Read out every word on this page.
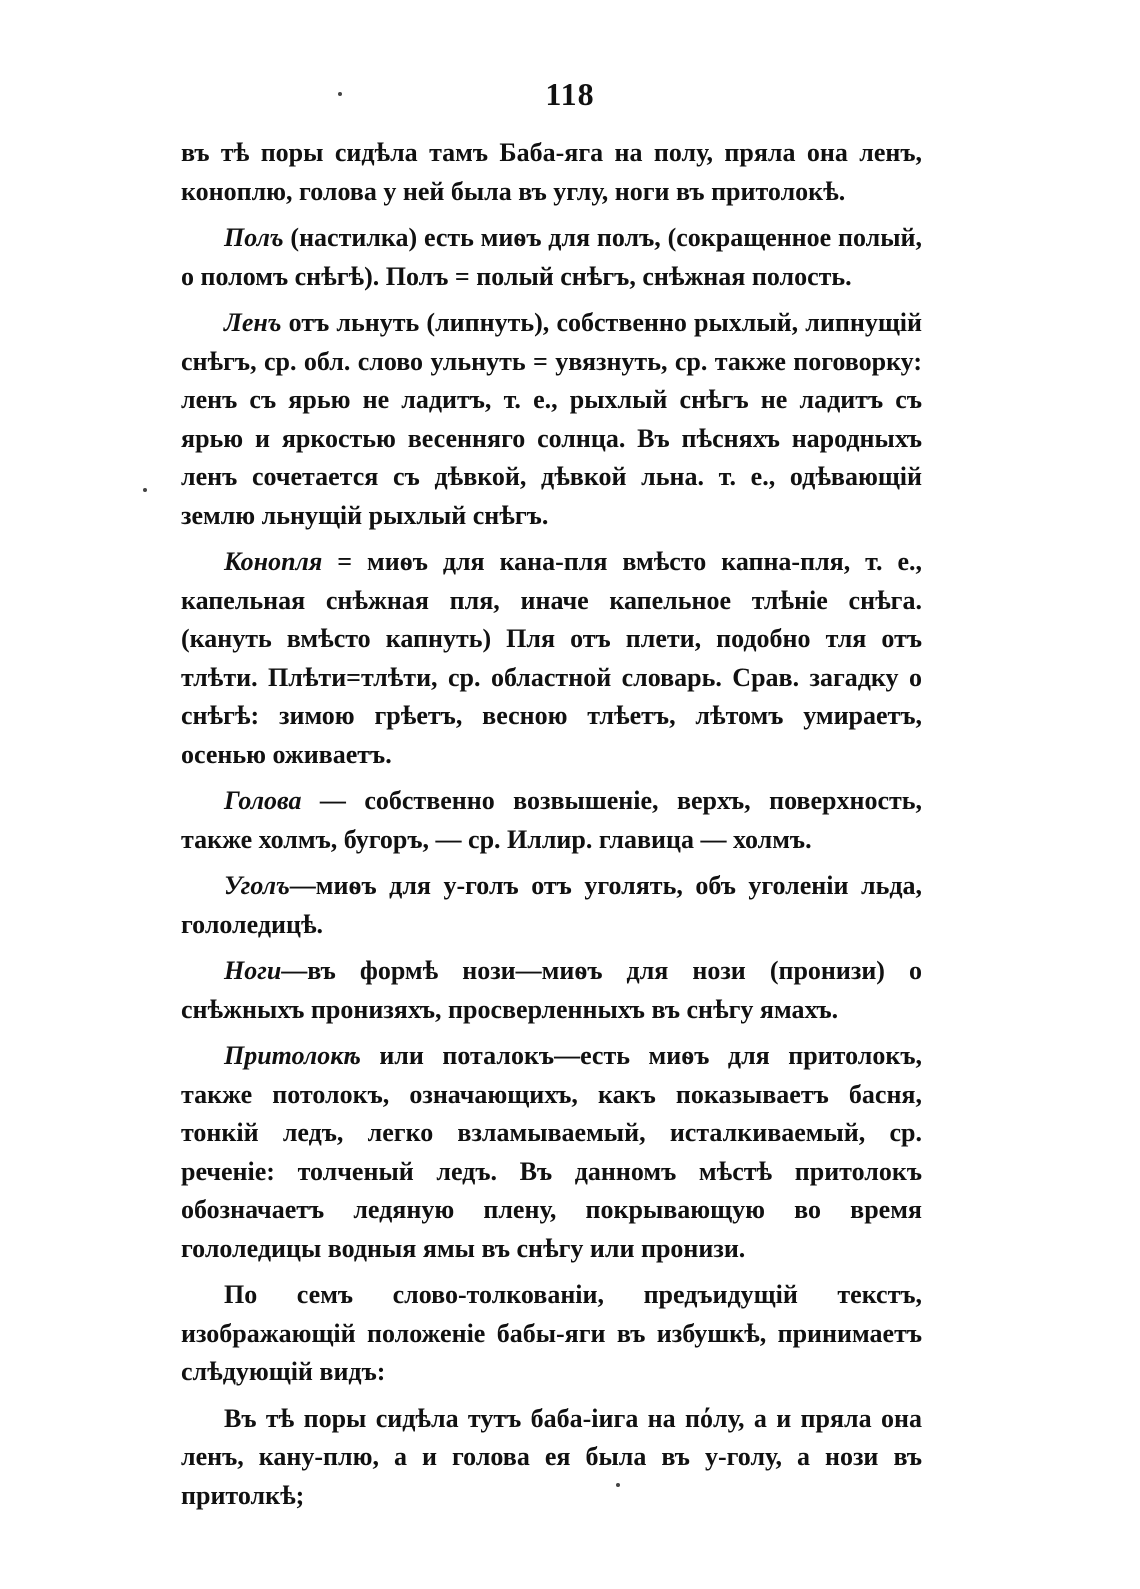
118

въ тѣ поры сидѣла тамъ Баба-яга на полу, пряла она ленъ, коноплю, голова у ней была въ углу, ноги въ притолокѣ.

Полъ (настилка) есть миѳъ для полъ, (сокращенное полый, о поломъ снѣгѣ). Полъ = полый снѣгъ, снѣжная полость.

Ленъ отъ льнуть (липнуть), собственно рыхлый, липнущій снѣгъ, ср. обл. слово ульнуть = увязнуть, ср. также поговорку: ленъ съ ярью не ладитъ, т. е., рыхлый снѣгъ не ладитъ съ ярью и яркостью весенняго солнца. Въ пѣсняхъ народныхъ ленъ сочетается съ дѣвкой, дѣвкой льна. т. е., одѣвающій землю льнущій рыхлый снѣгъ.

Конопля = миѳъ для кана-пля вмѣсто капна-пля, т. е., капельная снѣжная пля, иначе капельное тлѣніе снѣга. (кануть вмѣсто капнуть) Пля отъ плети, подобно тля отъ тлѣти. Плѣти=тлѣти, ср. областной словарь. Срав. загадку о снѣгѣ: зимою грѣетъ, весною тлѣетъ, лѣтомъ умираетъ, осенью оживаетъ.

Голова — собственно возвышеніе, верхъ, поверхность, также холмъ, бугоръ, — ср. Иллир. главица — холмъ.

Уголъ—миѳъ для у-голъ отъ уголять, объ уголеніи льда, гололедицѣ.

Ноги—въ формѣ нози—миѳъ для нози (пронизи) о снѣжныхъ пронизяхъ, просверленныхъ въ снѣгу ямахъ.

Притолокѣ или поталокъ—есть миѳъ для притолокъ, также потолокъ, означающихъ, какъ показываетъ басня, тонкій ледъ, легко взламываемый, исталкиваемый, ср. реченіе: толченый ледъ. Въ данномъ мѣстѣ притолокъ обозначаетъ ледяную плену, покрывающую во время гололедицы водныя ямы въ снѣгу или пронизи.

По семъ слово-толкованіи, предъидущій текстъ, изображающій положеніе бабы-яги въ избушкѣ, принимаетъ слѣдующій видъ:

Въ тѣ поры сидѣла тутъ баба-іига на пόлу, а и пряла она ленъ, кану-плю, а и голова ея была въ у-голу, а нози въ притолкѣ;
